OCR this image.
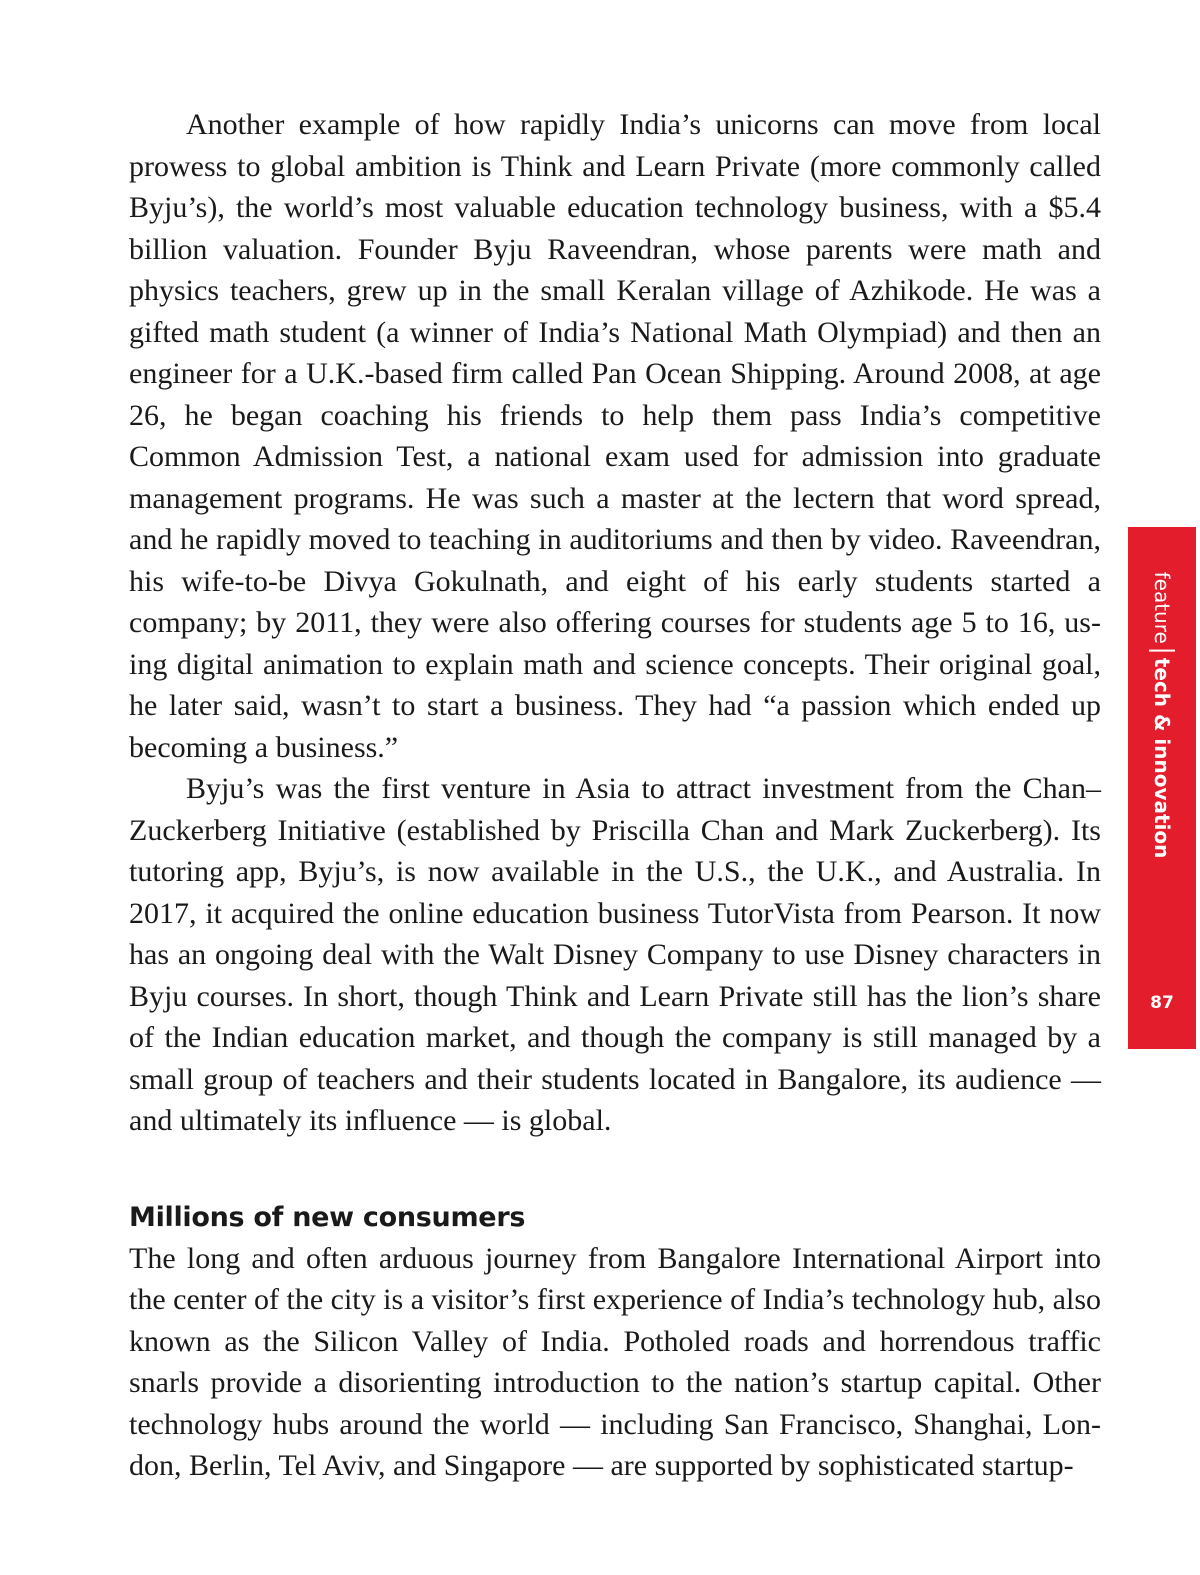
Another example of how rapidly India’s unicorns can move from local prowess to global ambition is Think and Learn Private (more commonly called Byju’s), the world’s most valuable education technology business, with a $5.4 billion valuation. Founder Byju Raveendran, whose parents were math and physics teachers, grew up in the small Keralan village of Azhikode. He was a gifted math student (a winner of India’s National Math Olympiad) and then an engineer for a U.K.-based firm called Pan Ocean Shipping. Around 2008, at age 26, he began coaching his friends to help them pass India’s competitive Common Admission Test, a national exam used for admission into graduate management programs. He was such a master at the lectern that word spread, and he rapidly moved to teaching in auditoriums and then by video. Raveendran, his wife-to-be Divya Gokulnath, and eight of his early students started a company; by 2011, they were also offering courses for students age 5 to 16, using digital animation to explain math and science concepts. Their original goal, he later said, wasn’t to start a business. They had “a passion which ended up becoming a business.”

Byju’s was the first venture in Asia to attract investment from the Chan–Zuckerberg Initiative (established by Priscilla Chan and Mark Zuckerberg). Its tutoring app, Byju’s, is now available in the U.S., the U.K., and Australia. In 2017, it acquired the online education business TutorVista from Pearson. It now has an ongoing deal with the Walt Disney Company to use Disney characters in Byju courses. In short, though Think and Learn Private still has the lion’s share of the Indian education market, and though the company is still managed by a small group of teachers and their students located in Bangalore, its audience — and ultimately its influence — is global.

Millions of new consumers

The long and often arduous journey from Bangalore International Airport into the center of the city is a visitor’s first experience of India’s technology hub, also known as the Silicon Valley of India. Potholed roads and horrendous traffic snarls provide a disorienting introduction to the nation’s startup capital. Other technology hubs around the world — including San Francisco, Shanghai, London, Berlin, Tel Aviv, and Singapore — are supported by sophisticated startup-

feature
tech & innovation
87
